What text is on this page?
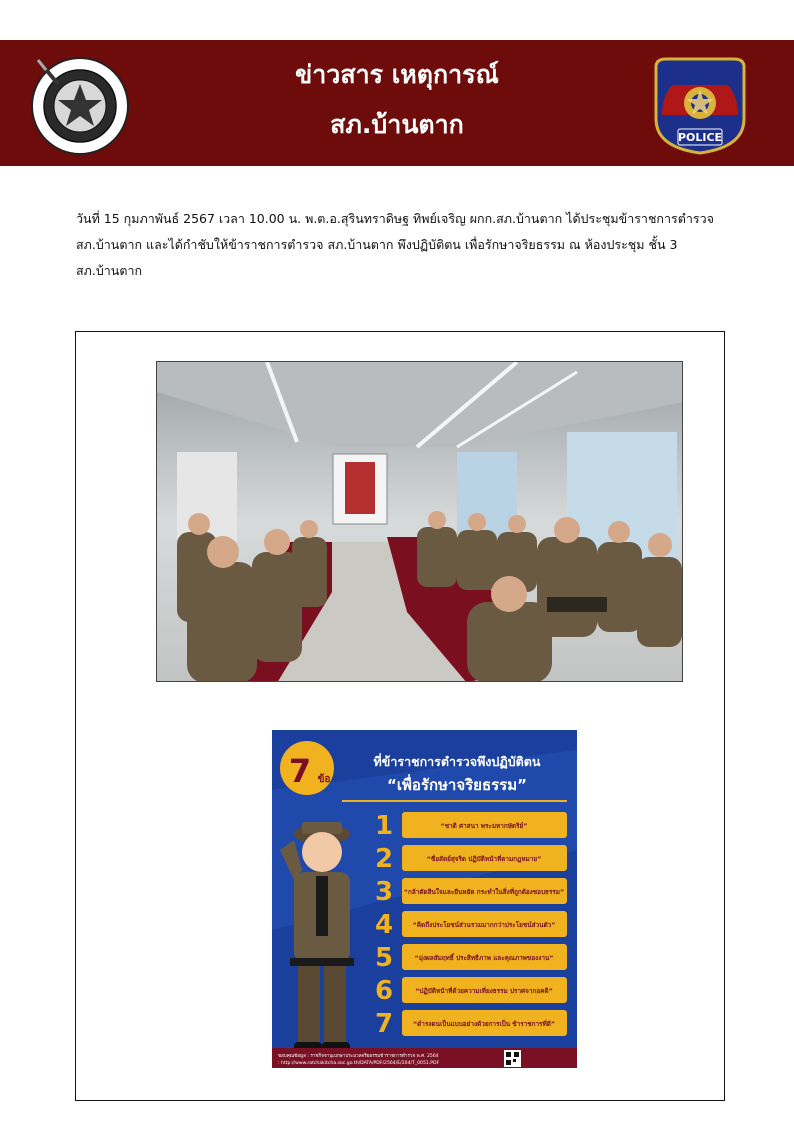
ข่าวสาร เหตุการณ์
สภ.บ้านตาก	POLICE
วันที่ 15 กุมภาพันธ์ 2567 เวลา 10.00 น. พ.ต.อ.สุรินทราดิษฐ ทิพย์เจริญ ผกก.สภ.บ้านตาก ได้ประชุมข้าราชการตำรวจ สภ.บ้านตาก และได้กำชับให้ข้าราชการตำรวจ สภ.บ้านตาก พึงปฏิบัติตน เพื่อรักษาจริยธรรม ณ ห้องประชุม ชั้น 3 สภ.บ้านตาก
7 ข้อ
ที่ข้าราชการตำรวจพึงปฏิบัติตน
“เพื่อรักษาจริยธรรม”
1	“ชาติ ศาสนา พระมหากษัตริย์”
2	“ซื่อสัตย์สุจริต ปฏิบัติหน้าที่ตามกฎหมาย”
3 “กล้าตัดสินใจและยืนหยัด กระทำในสิ่งที่ถูกต้องชอบธรรม”
4	“คิดถึงประโยชน์ส่วนรวมมากกว่าประโยชน์ส่วนตัว”
5	“มุ่งผลสัมฤทธิ์ ประสิทธิภาพ และคุณภาพของงาน”
6	“ปฏิบัติหน้าที่ด้วยความเที่ยงธรรม ปราศจากอคติ”
7	“ดำรงตนเป็นแบบอย่างด้วยการเป็น ข้าราชการที่ดี”
ขอบคุณข้อมูล : ราชกิจจานุเบกษาประมวลจริยธรรมข้าราชการตำรวจ พ.ศ. 2564
: http://www.ratchakitcha.soc.go.th/DATA/PDF/2564/E/204/T_0051.PDF
